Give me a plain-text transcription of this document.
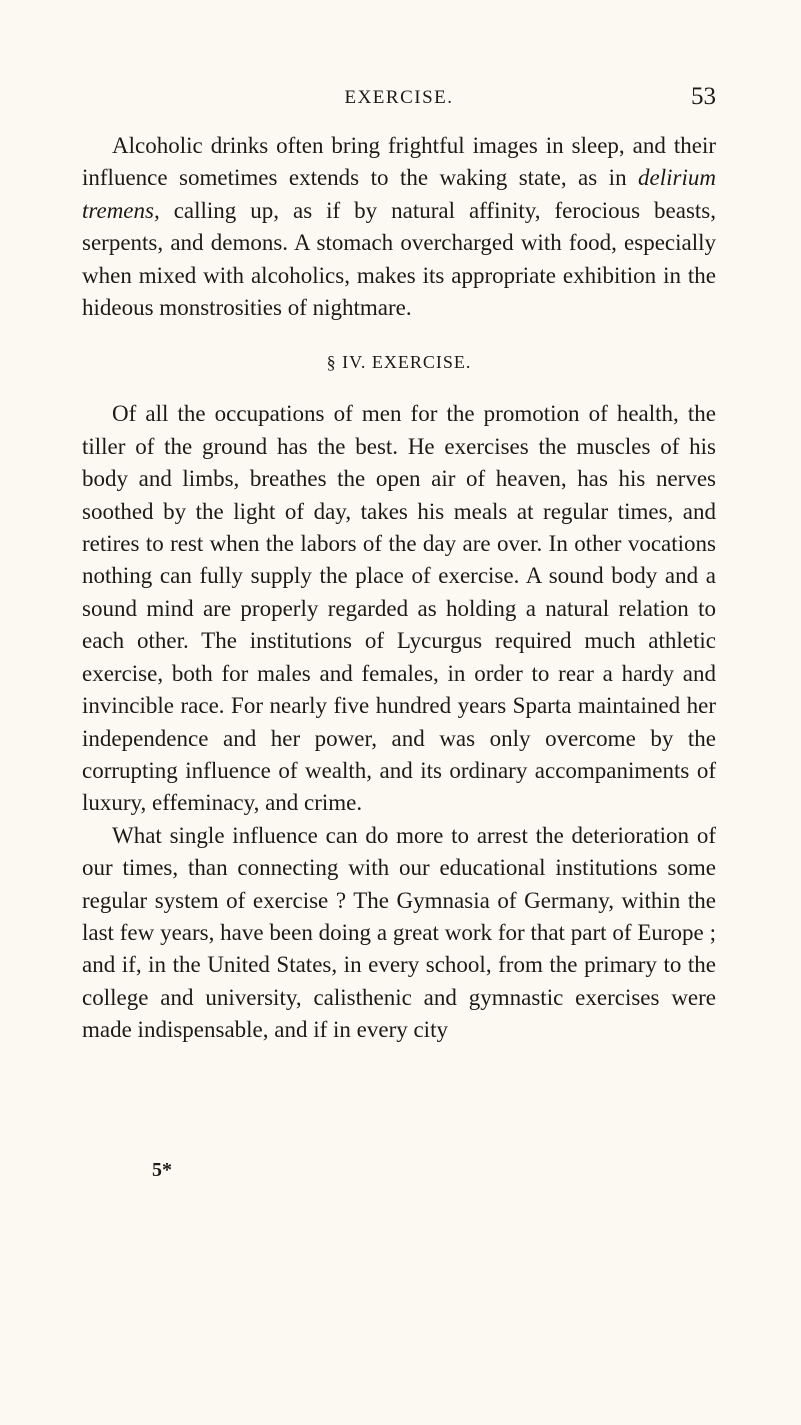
EXERCISE.	53

Alcoholic drinks often bring frightful images in sleep, and their influence sometimes extends to the waking state, as in delirium tremens, calling up, as if by natural affinity, ferocious beasts, serpents, and demons. A stomach overcharged with food, especially when mixed with alcoholics, makes its appropriate exhibition in the hideous monstrosities of nightmare.

§ IV. EXERCISE.

Of all the occupations of men for the promotion of health, the tiller of the ground has the best. He exercises the muscles of his body and limbs, breathes the open air of heaven, has his nerves soothed by the light of day, takes his meals at regular times, and retires to rest when the labors of the day are over. In other vocations nothing can fully supply the place of exercise. A sound body and a sound mind are properly regarded as holding a natural relation to each other. The institutions of Lycurgus required much athletic exercise, both for males and females, in order to rear a hardy and invincible race. For nearly five hundred years Sparta maintained her independence and her power, and was only overcome by the corrupting influence of wealth, and its ordinary accompaniments of luxury, effeminacy, and crime.

What single influence can do more to arrest the deterioration of our times, than connecting with our educational institutions some regular system of exercise ? The Gymnasia of Germany, within the last few years, have been doing a great work for that part of Europe ; and if, in the United States, in every school, from the primary to the college and university, calisthenic and gymnastic exercises were made indispensable, and if in every city

5*
